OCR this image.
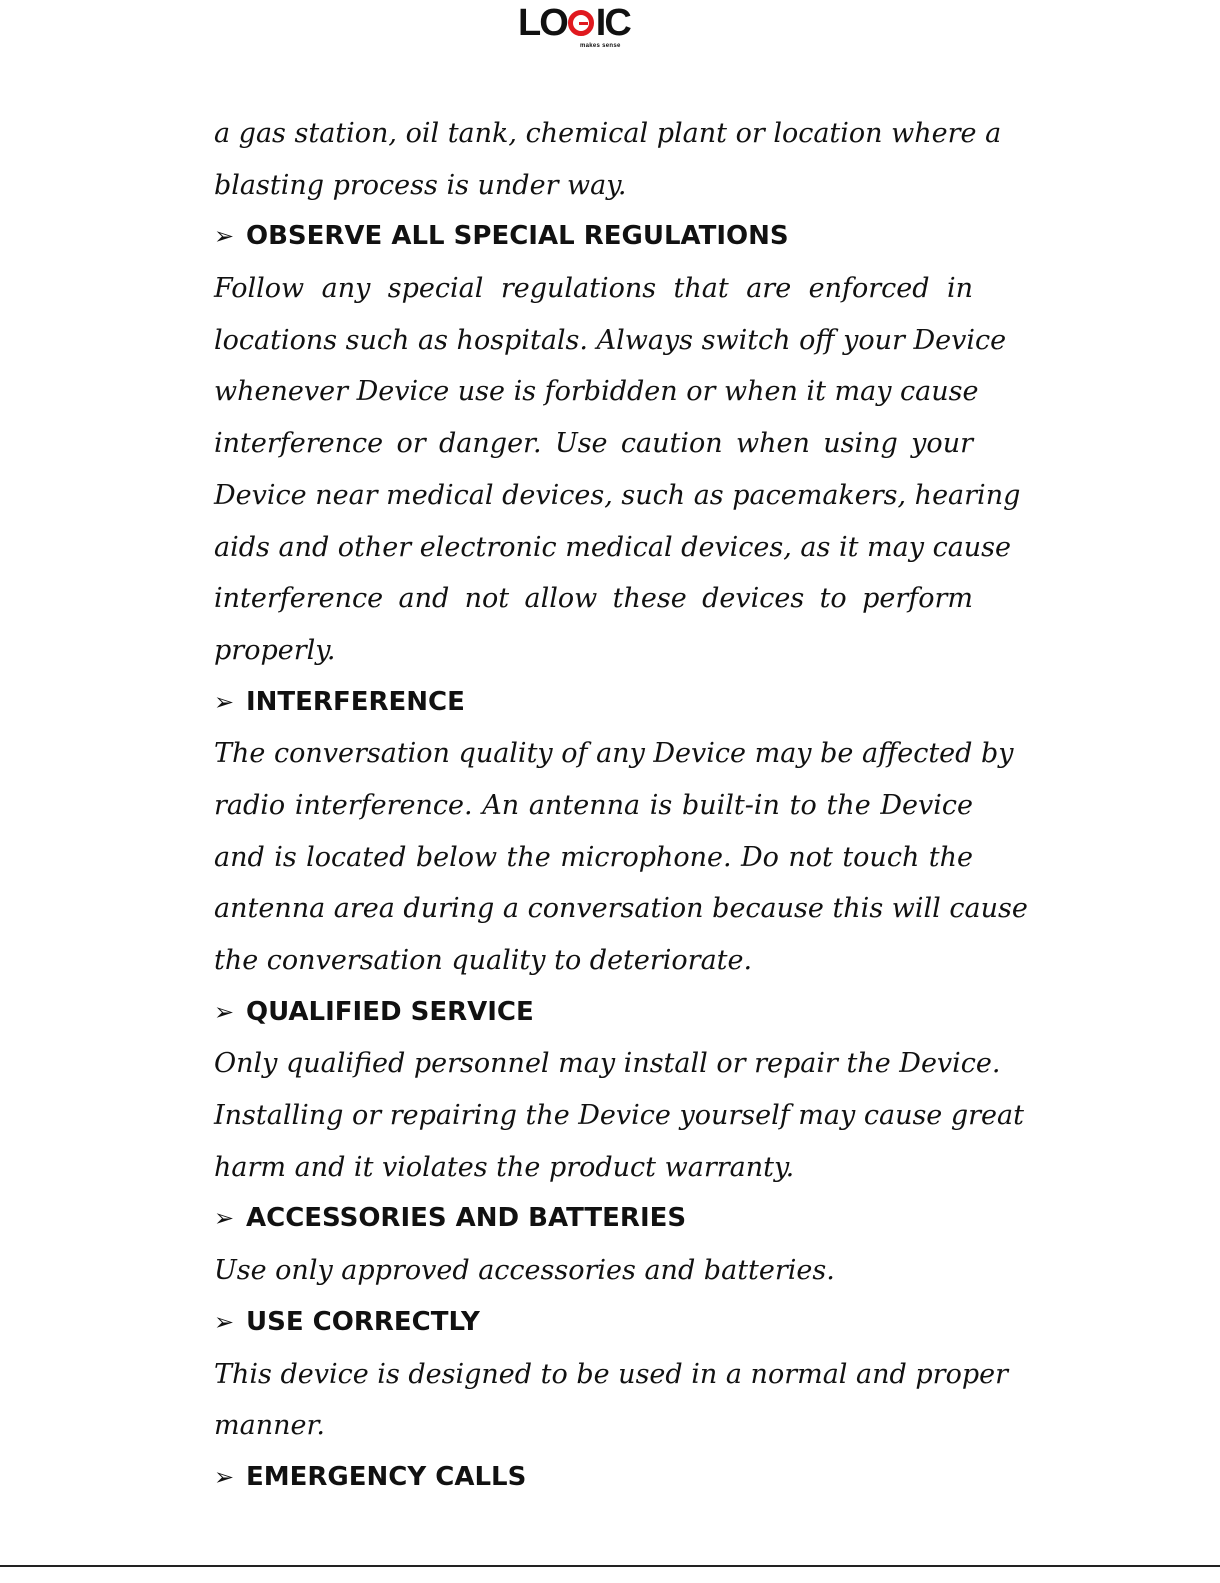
LO IC
makes sense
a gas station, oil tank, chemical plant or location where a
blasting process is under way.
➢ OBSERVE ALL SPECIAL REGULATIONS
Follow any special regulations that are enforced in
locations such as hospitals. Always switch off your Device
whenever Device use is forbidden or when it may cause
interference or danger. Use caution when using your
Device near medical devices, such as pacemakers, hearing
aids and other electronic medical devices, as it may cause
interference and not allow these devices to perform
properly.
➢ INTERFERENCE
The conversation quality of any Device may be affected by
radio interference. An antenna is built-in to the Device
and is located below the microphone. Do not touch the
antenna area during a conversation because this will cause
the conversation quality to deteriorate.
➢ QUALIFIED SERVICE
Only qualified personnel may install or repair the Device.
Installing or repairing the Device yourself may cause great
harm and it violates the product warranty.
➢ ACCESSORIES AND BATTERIES
Use only approved accessories and batteries.
➢ USE CORRECTLY
This device is designed to be used in a normal and proper
manner.
➢ EMERGENCY CALLS
